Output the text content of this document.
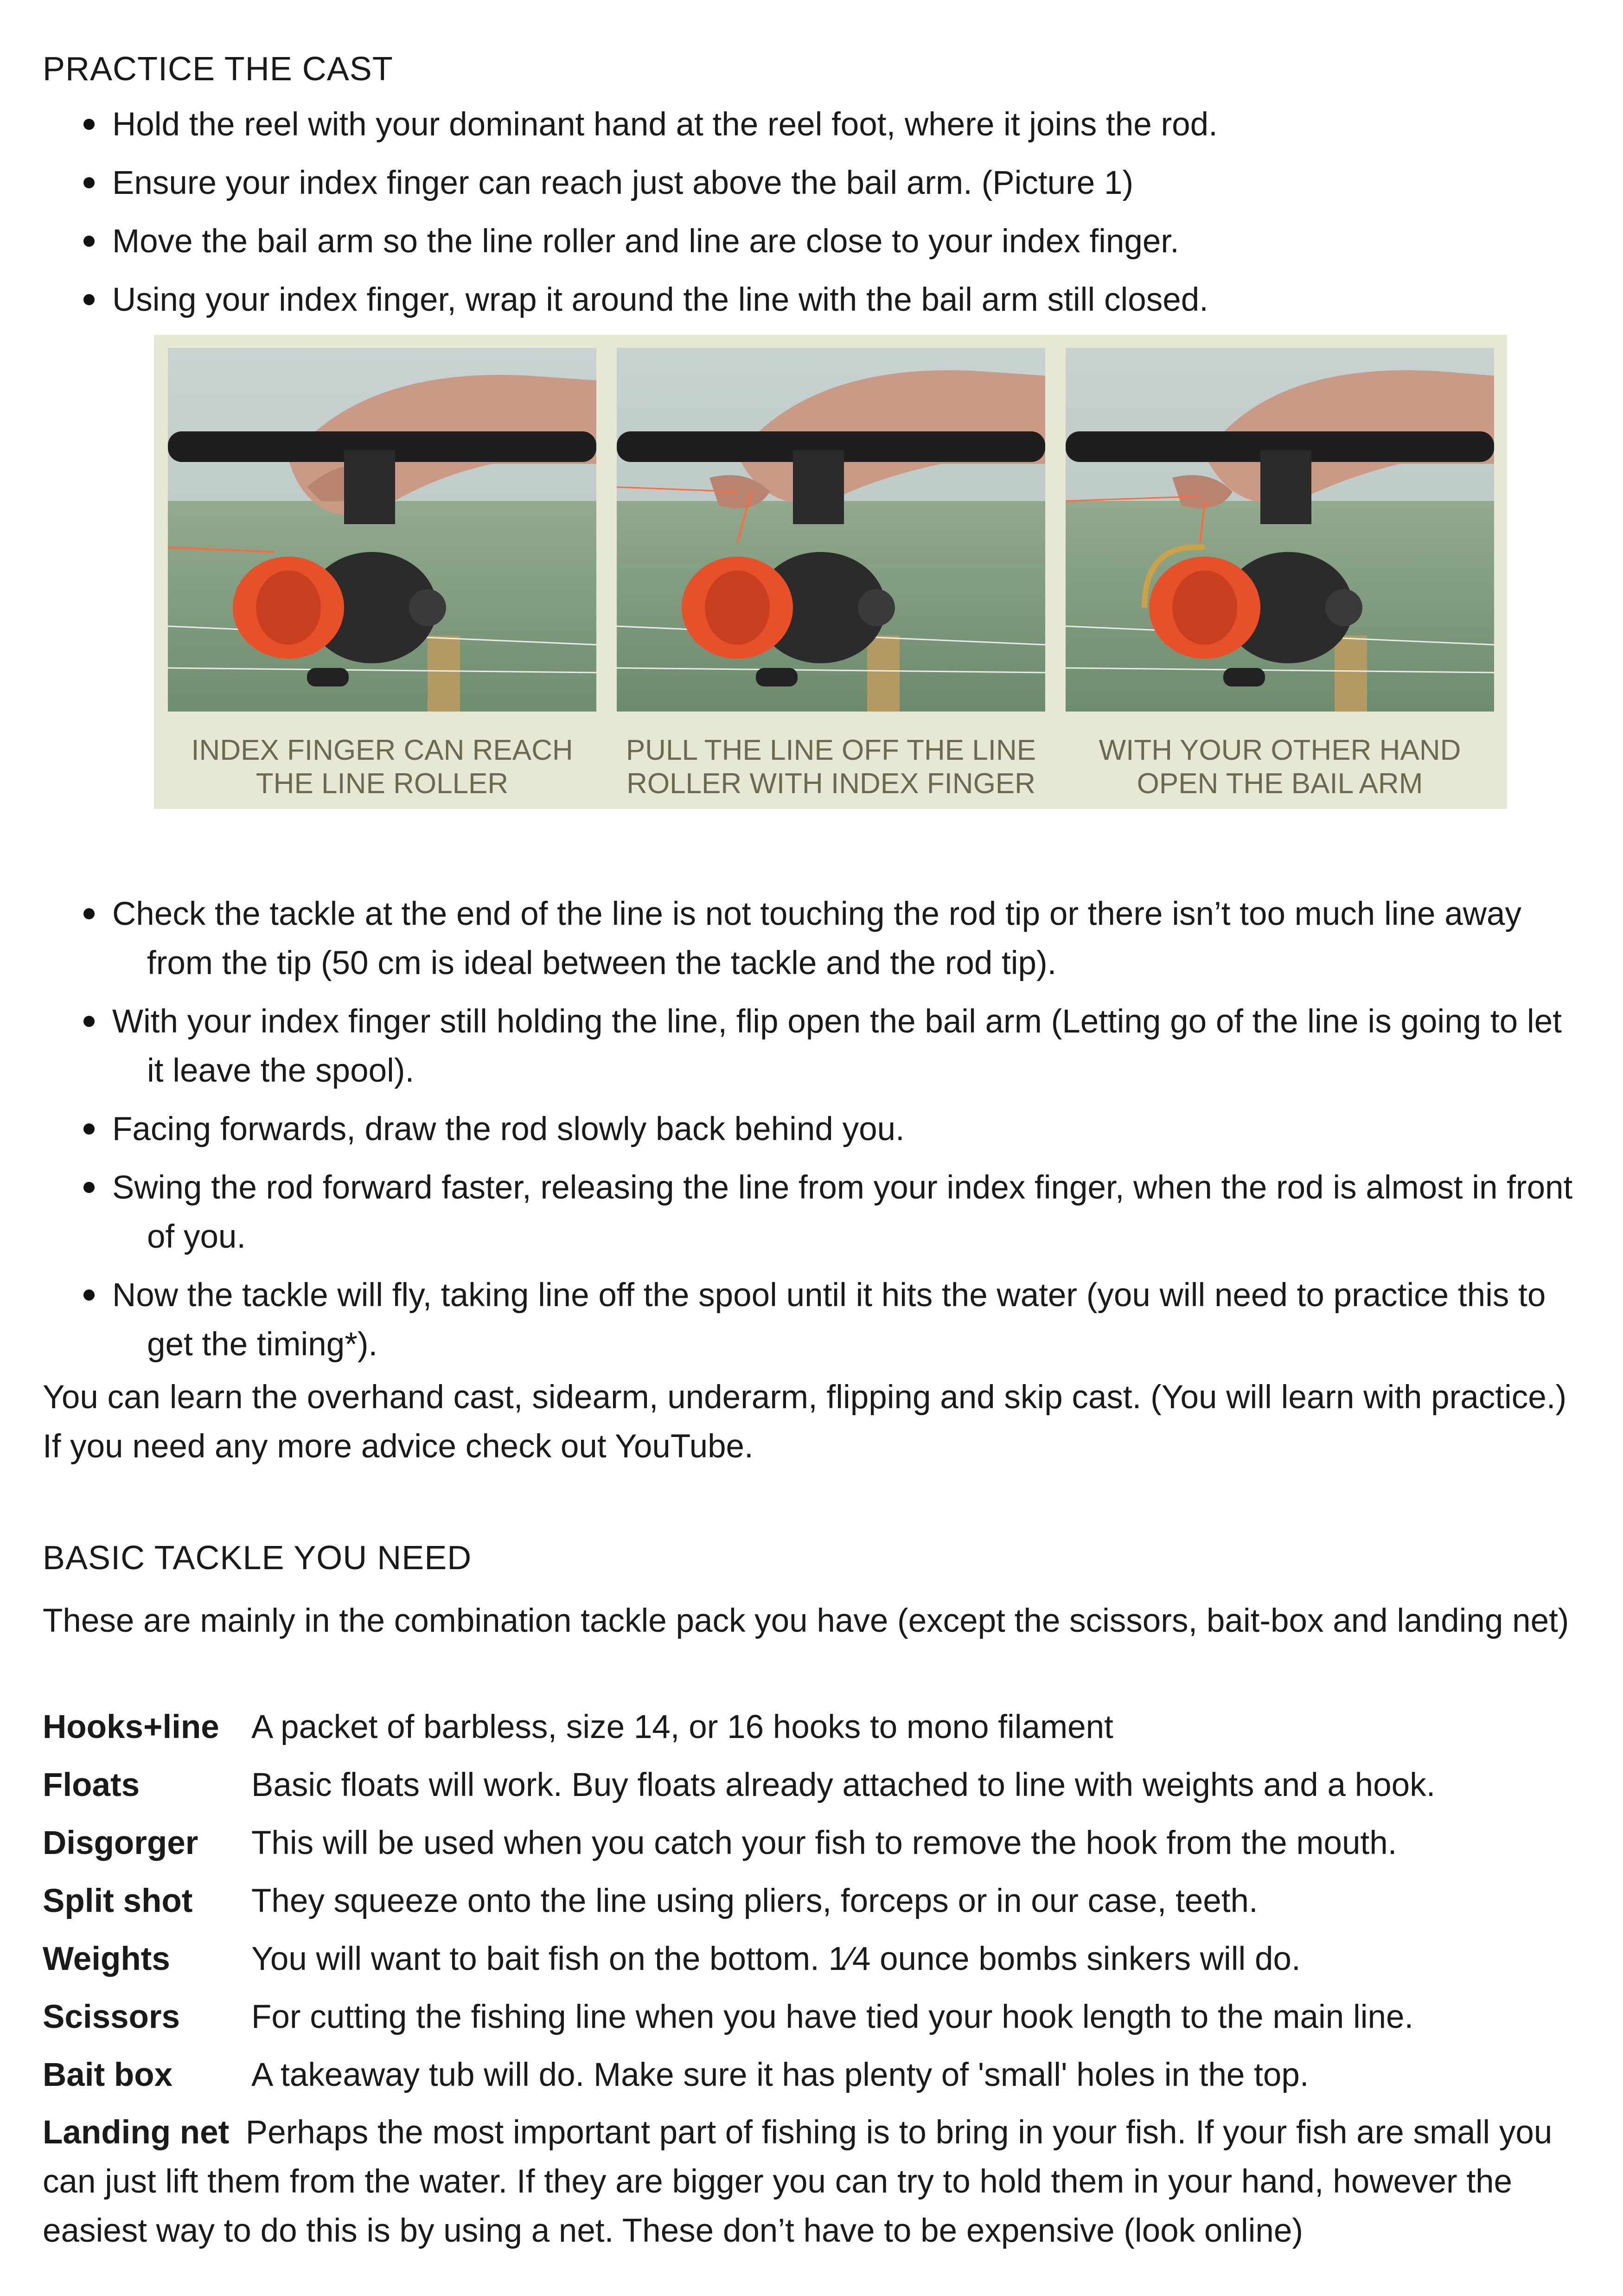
PRACTICE THE CAST
Hold the reel with your dominant hand at the reel foot, where it joins the rod.
Ensure your index finger can reach just above the bail arm. (Picture 1)
Move the bail arm so the line roller and line are close to your index finger.
Using your index finger, wrap it around the line with the bail arm still closed.
INDEX FINGER CAN REACH THE LINE ROLLER
PULL THE LINE OFF THE LINE ROLLER WITH INDEX FINGER
WITH YOUR OTHER HAND OPEN THE BAIL ARM
Check the tackle at the end of the line is not touching the rod tip or there isn’t too much line away from the tip (50 cm is ideal between the tackle and the rod tip).
With your index finger still holding the line, flip open the bail arm (Letting go of the line is going to let it leave the spool).
Facing forwards, draw the rod slowly back behind you.
Swing the rod forward faster, releasing the line from your index finger, when the rod is almost in front of you.
Now the tackle will fly, taking line off the spool until it hits the water (you will need to practice this to get the timing*).

You can learn the overhand cast, sidearm, underarm, flipping and skip cast. (You will learn with practice.) If you need any more advice check out YouTube.

BASIC TACKLE YOU NEED

These are mainly in the combination tackle pack you have (except the scissors, bait-box and landing net)

Hooks+line A packet of barbless, size 14, or 16 hooks to mono filament
Floats	Basic floats will work. Buy floats already attached to line with weights and a hook.
Disgorger This will be used when you catch your fish to remove the hook from the mouth.
Split shot They squeeze onto the line using pliers, forceps or in our case, teeth.
Weights You will want to bait fish on the bottom. 1⁄4 ounce bombs sinkers will do.
Scissors For cutting the fishing line when you have tied your hook length to the main line.
Bait box A takeaway tub will do. Make sure it has plenty of 'small' holes in the top.
Landing net  Perhaps the most important part of fishing is to bring in your fish. If your fish are small you can just lift them from the water. If they are bigger you can try to hold them in your hand, however the easiest way to do this is by using a net. These don’t have to be expensive (look online)
